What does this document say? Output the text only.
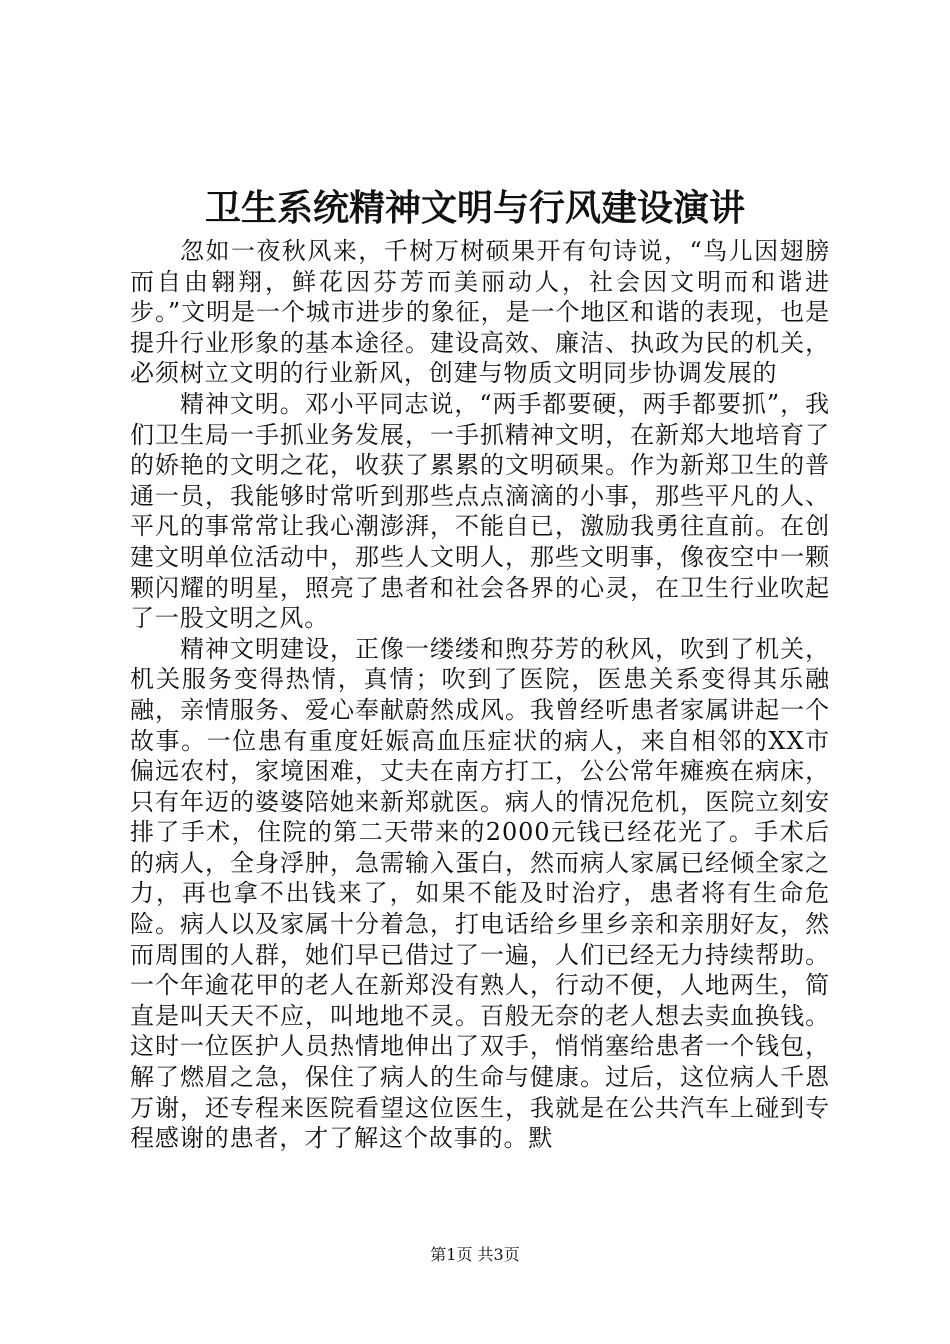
卫生系统精神文明与行风建设演讲

忽如一夜秋风来，千树万树硕果开有句诗说，“鸟儿因翅膀而自由翱翔，鲜花因芬芳而美丽动人，社会因文明而和谐进步。”文明是一个城市进步的象征，是一个地区和谐的表现，也是提升行业形象的基本途径。建设高效、廉洁、执政为民的机关，必须树立文明的行业新风，创建与物质文明同步协调发展的

精神文明。邓小平同志说，“两手都要硬，两手都要抓”，我们卫生局一手抓业务发展，一手抓精神文明，在新郑大地培育了的娇艳的文明之花，收获了累累的文明硕果。作为新郑卫生的普通一员，我能够时常听到那些点点滴滴的小事，那些平凡的人、平凡的事常常让我心潮澎湃，不能自已，激励我勇往直前。在创建文明单位活动中，那些人文明人，那些文明事，像夜空中一颗颗闪耀的明星，照亮了患者和社会各界的心灵，在卫生行业吹起了一股文明之风。

精神文明建设，正像一缕缕和煦芬芳的秋风，吹到了机关，机关服务变得热情，真情；吹到了医院，医患关系变得其乐融融，亲情服务、爱心奉献蔚然成风。我曾经听患者家属讲起一个故事。一位患有重度妊娠高血压症状的病人，来自相邻的XX市偏远农村，家境困难，丈夫在南方打工，公公常年瘫痪在病床，只有年迈的婆婆陪她来新郑就医。病人的情况危机，医院立刻安排了手术，住院的第二天带来的2000元钱已经花光了。手术后的病人，全身浮肿，急需输入蛋白，然而病人家属已经倾全家之力，再也拿不出钱来了，如果不能及时治疗，患者将有生命危险。病人以及家属十分着急，打电话给乡里乡亲和亲朋好友，然而周围的人群，她们早已借过了一遍，人们已经无力持续帮助。一个年逾花甲的老人在新郑没有熟人，行动不便，人地两生，简直是叫天天不应，叫地地不灵。百般无奈的老人想去卖血换钱。这时一位医护人员热情地伸出了双手，悄悄塞给患者一个钱包，解了燃眉之急，保住了病人的生命与健康。过后，这位病人千恩万谢，还专程来医院看望这位医生，我就是在公共汽车上碰到专程感谢的患者，才了解这个故事的。默

第1页 共3页
